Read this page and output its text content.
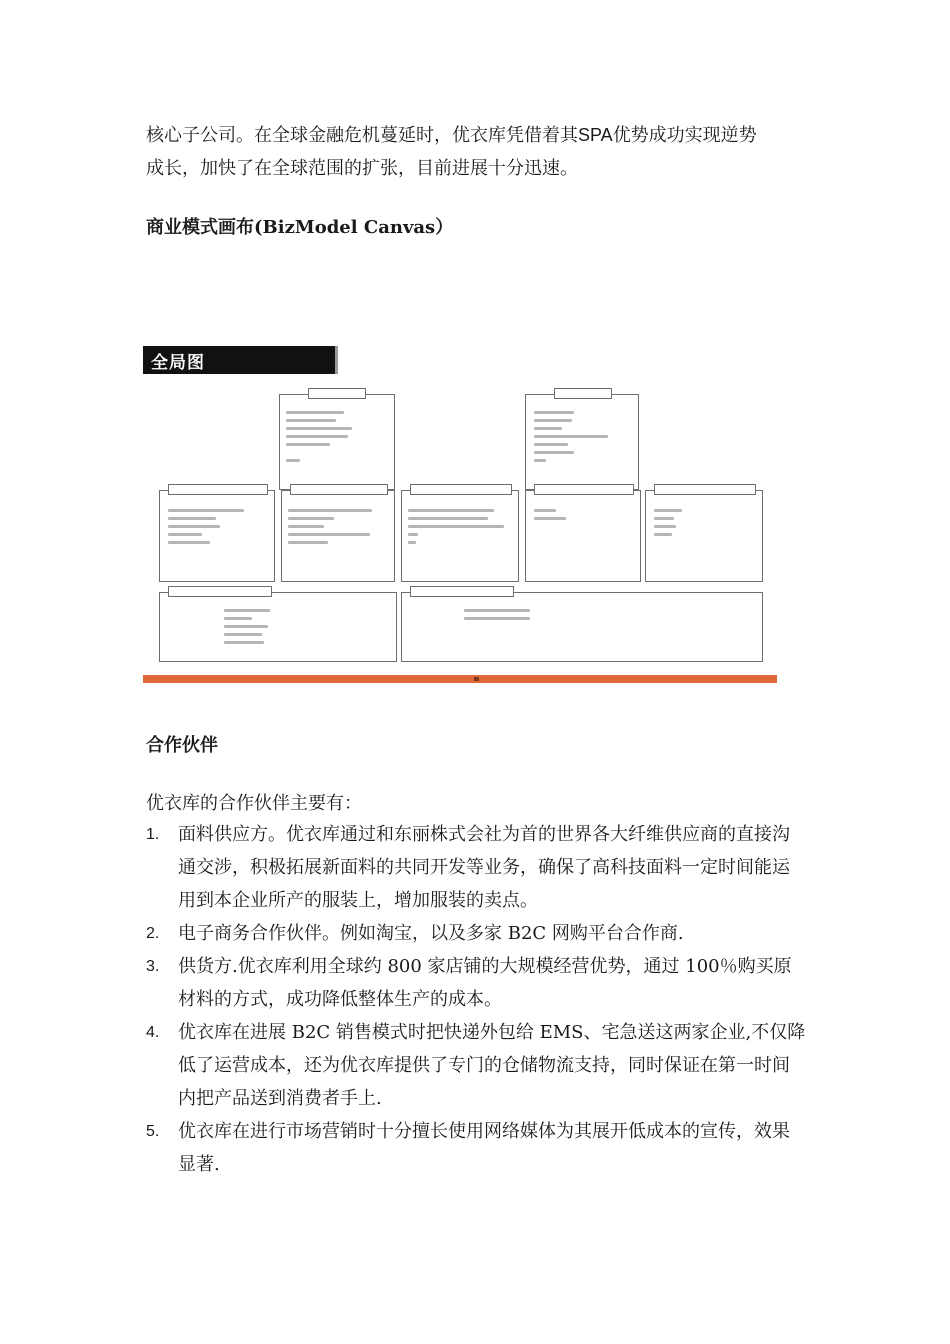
核心子公司。在全球金融危机蔓延时，优衣库凭借着其SPA优势成功实现逆势
成长，加快了在全球范围的扩张，目前进展十分迅速。

商业模式画布(BizModel Canvas）
全局图
合作伙伴

优衣库的合作伙伴主要有：

1. 面料供应方。优衣库通过和东丽株式会社为首的世界各大纤维供应商的直接沟通交涉，积极拓展新面料的共同开发等业务，确保了高科技面料一定时间能运用到本企业所产的服装上，增加服装的卖点。
2. 电子商务合作伙伴。例如淘宝，以及多家 B2C 网购平台合作商.
3. 供货方.优衣库利用全球约 800 家店铺的大规模经营优势，通过 100％购买原材料的方式，成功降低整体生产的成本。
4. 优衣库在进展 B2C 销售模式时把快递外包给 EMS、宅急送这两家企业,不仅降低了运营成本，还为优衣库提供了专门的仓储物流支持，同时保证在第一时间内把产品送到消费者手上.
5. 优衣库在进行市场营销时十分擅长使用网络媒体为其展开低成本的宣传，效果显著.
